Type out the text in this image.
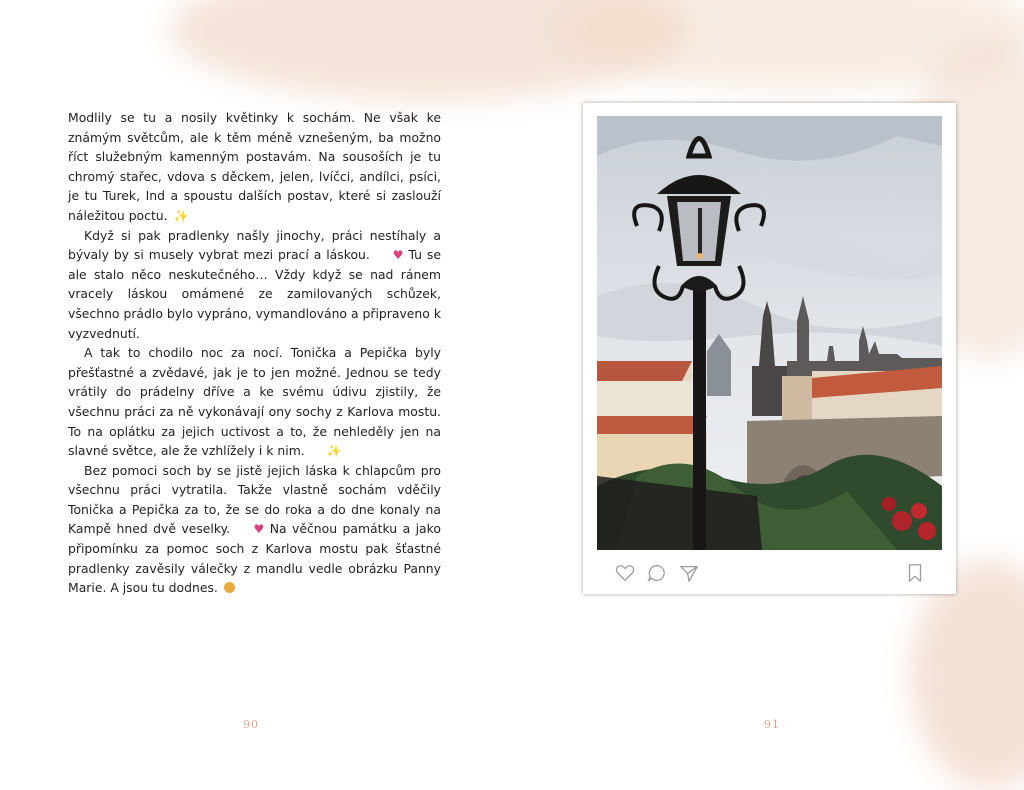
Modlily se tu a nosily květinky k sochám. Ne však ke známým světcům, ale k těm méně vznešeným, ba možno říct služebným kamenným postavám. Na sousoších je tu chromý stařec, vdova s děckem, jelen, lvíčci, andílci, psíci, je tu Turek, Ind a spoustu dalších postav, které si zaslouží náležitou poctu. ✨

Když si pak pradlenky našly jinochy, práci nestíhaly a bývaly by si musely vybrat mezi prací a láskou. ♥ Tu se ale stalo něco neskutečného… Vždy když se nad ránem vracely láskou omámené ze zamilovaných schůzek, všechno prádlo bylo vypráno, vymandlováno a připraveno k vyzvednutí.

A tak to chodilo noc za nocí. Tonička a Pepička byly přešťastné a zvědavé, jak je to jen možné. Jednou se tedy vrátily do prádelny dříve a ke svému údivu zjistily, že všechnu práci za ně vykonávají ony sochy z Karlova mostu. To na oplátku za jejich uctivost a to, že nehleděly jen na slavné světce, ale že vzhlížely i k nim. ✨

Bez pomoci soch by se jistě jejich láska k chlapcům pro všechnu práci vytratila. Takže vlastně sochám vděčily Tonička a Pepička za to, že se do roka a do dne konaly na Kampě hned dvě veselky. ♥ Na věčnou památku a jako připomínku za pomoc soch z Karlova mostu pak šťastné pradlenky zavěsily válečky z mandlu vedle obrázku Panny Marie. A jsou tu dodnes.

90	91
